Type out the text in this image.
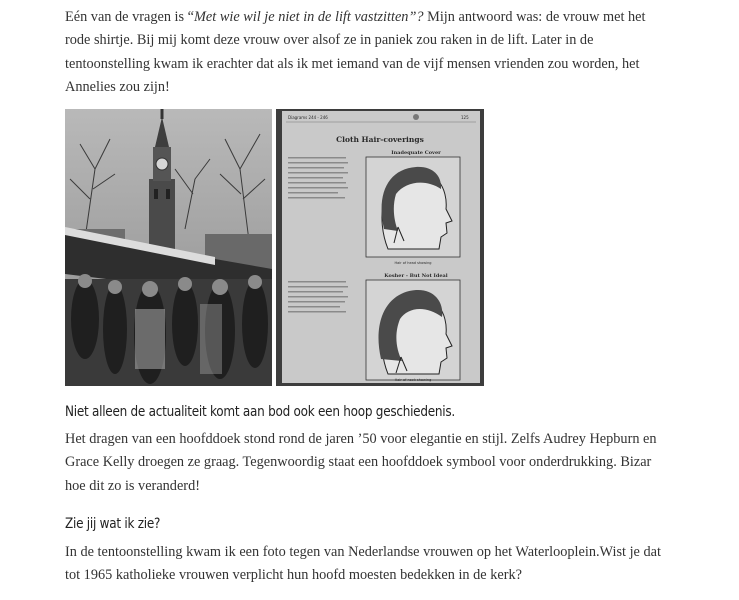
Eén van de vragen is “Met wie wil je niet in de lift vastzitten”? Mijn antwoord was: de vrouw met het rode shirtje. Bij mij komt deze vrouw over alsof ze in paniek zou raken in de lift. Later in de tentoonstelling kwam ik erachter dat als ik met iemand van de vijf mensen vrienden zou worden, het Annelies zou zijn!

Diagrams 244 - 246	125
Cloth Hair-coverings
Inadequate Cover
Hair of head showing
Kosher - But Not Ideal
Hair of neck showing
Niet alleen de actualiteit komt aan bod ook een hoop geschiedenis.

Het dragen van een hoofddoek stond rond de jaren ’50 voor elegantie en stijl. Zelfs Audrey Hepburn en Grace Kelly droegen ze graag. Tegenwoordig staat een hoofddoek symbool voor onderdrukking. Bizar hoe dit zo is veranderd!

Zie jij wat ik zie?

In de tentoonstelling kwam ik een foto tegen van Nederlandse vrouwen op het Waterlooplein.Wist je dat tot 1965 katholieke vrouwen verplicht hun hoofd moesten bedekken in de kerk?
